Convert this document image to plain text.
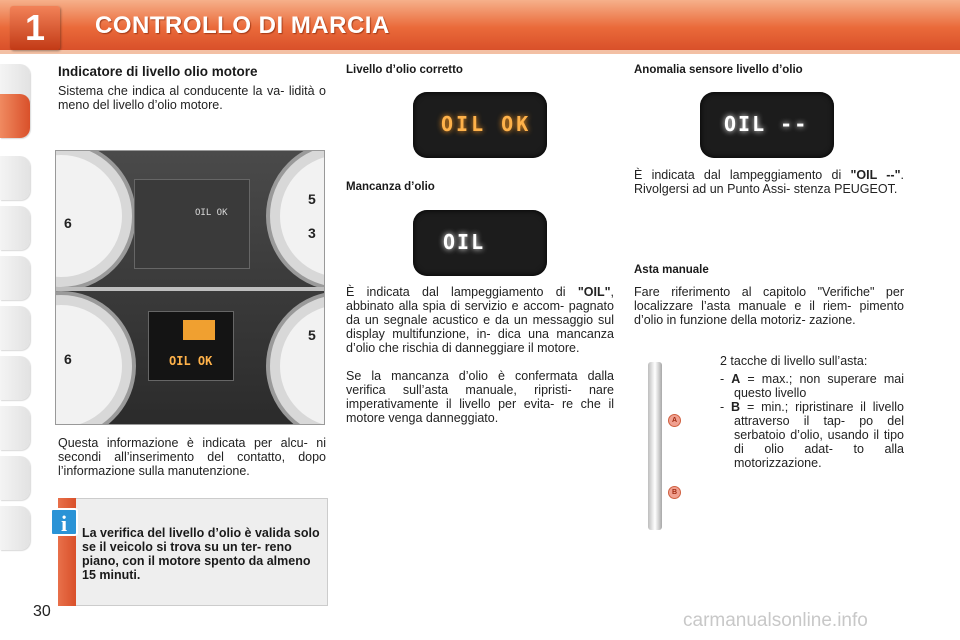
1	CONTROLLO DI MARCIA
Indicatore di livello olio motore
Sistema che indica al conducente la va- lidità o meno del livello d’olio motore.
6
5
3
OIL OK
6
5
OIL OK
Questa informazione è indicata per alcu- ni secondi all’inserimento del contatto, dopo l’informazione sulla manutenzione.
i	La verifica del livello d’olio è valida solo se il veicolo si trova su un ter- reno piano, con il motore spento da almeno 15 minuti.
Livello d’olio corretto
OIL OK
Mancanza d’olio
OIL
È indicata dal lampeggiamento di "OIL", abbinato alla spia di servizio e accom- pagnato da un segnale acustico e da un messaggio sul display multifunzione, in- dica una mancanza d’olio che rischia di danneggiare il motore.
Se la mancanza d’olio è confermata dalla verifica sull’asta manuale, ripristi- nare imperativamente il livello per evita- re che il motore venga danneggiato.
Anomalia sensore livello d’olio
OIL --
È indicata dal lampeggiamento di "OIL --". Rivolgersi ad un Punto Assi- stenza PEUGEOT.
Asta manuale
Fare riferimento al capitolo "Verifiche" per localizzare l’asta manuale e il riem- pimento d’olio in funzione della motoriz- zazione.
2 tacche di livello sull’asta:
- A = max.; non superare mai questo livello
- B = min.; ripristinare il livello attraverso il tap- po del serbatoio d’olio, usando il tipo di olio adat- to alla motorizzazione.
A
B
30	carmanualsonline.info
